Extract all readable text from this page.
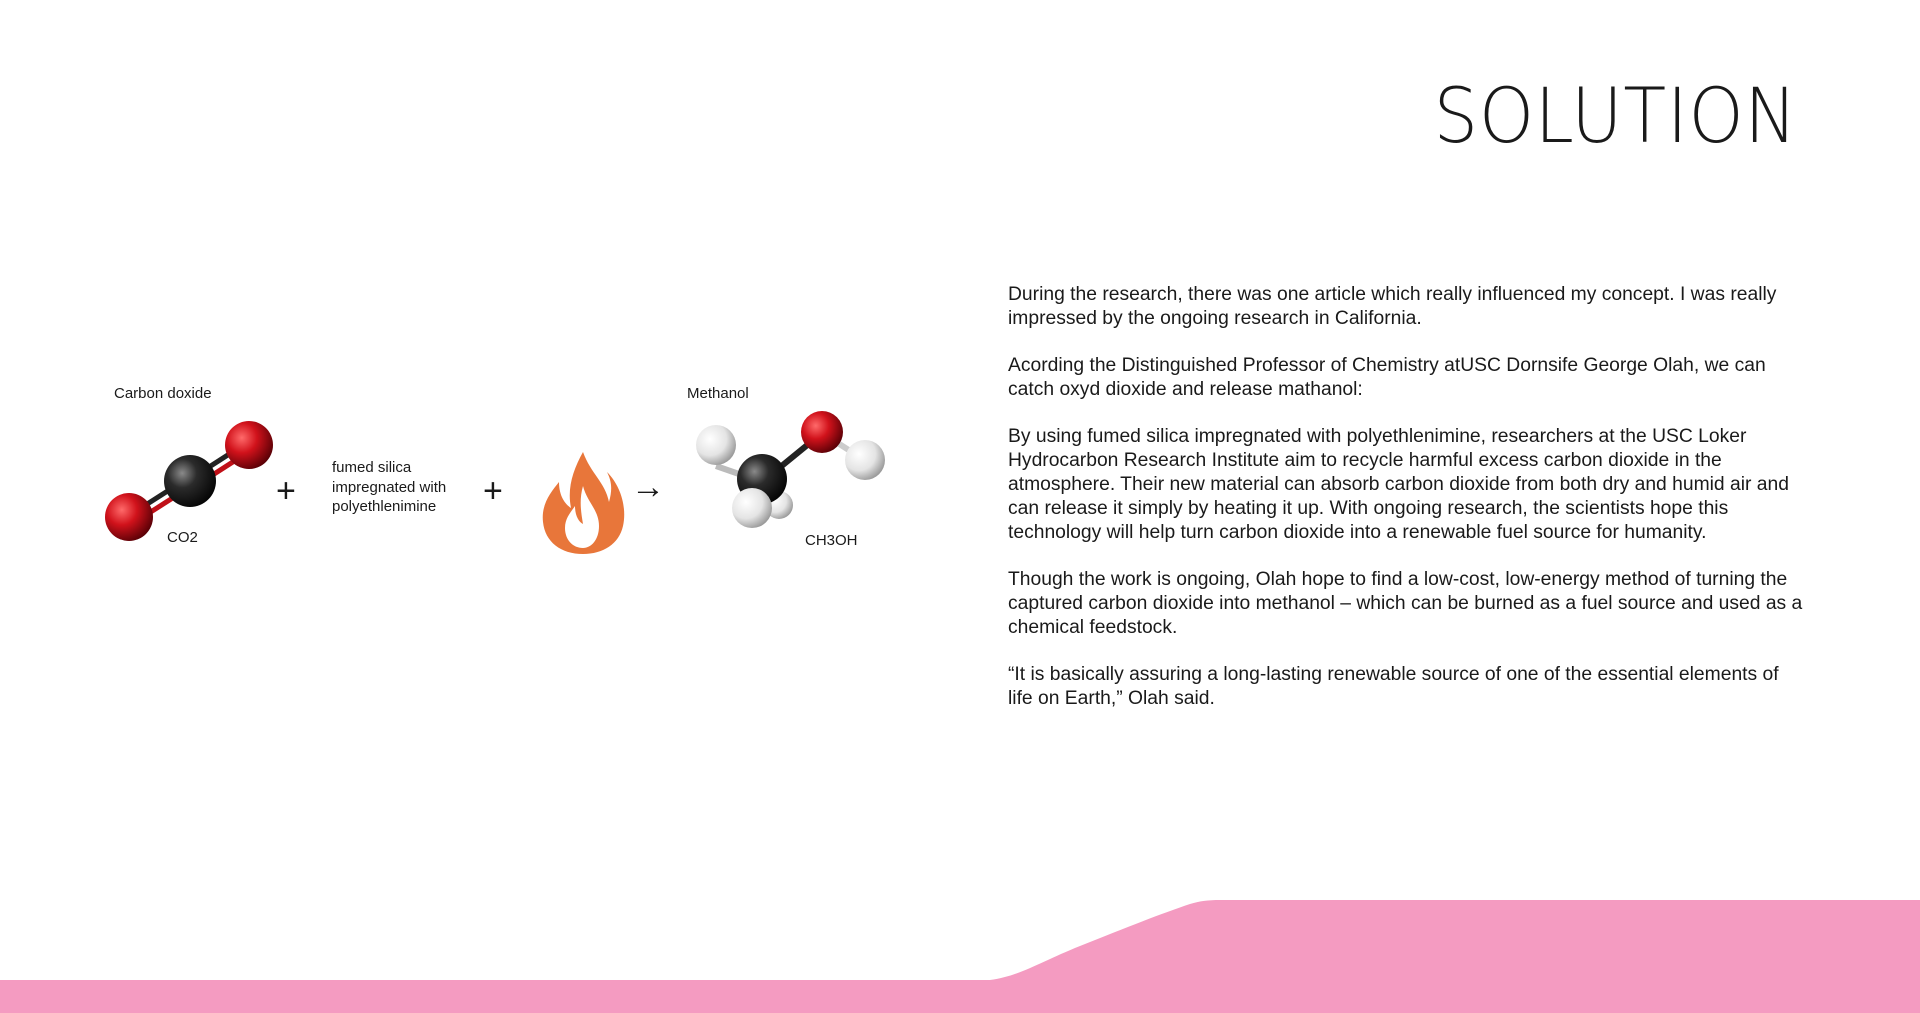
SOLUTION
Carbon doxide
CO2
+
fumed silica
impregnated with
polyethlenimine	+	→
Methanol
CH3OH

During the research, there was one article which really influenced my concept. I was really impressed by the ongoing research in California.

Acording the Distinguished Professor of Chemistry atUSC Dornsife George Olah, we can catch oxyd dioxide and release mathanol:

By using fumed silica impregnated with polyethlenimine, researchers at the USC Loker Hydrocarbon Research Institute aim to recycle harmful excess carbon dioxide in the atmosphere. Their new material can absorb carbon dioxide from both dry and humid air and can release it simply by heating it up. With ongoing research, the scientists hope this technology will help turn carbon dioxide into a renewable fuel source for humanity.

Though the work is ongoing, Olah hope to find a low-cost, low-energy method of turning the captured carbon dioxide into methanol – which can be burned as a fuel source and used as a chemical feedstock.

“It is basically assuring a long-lasting renewable source of one of the essential elements of life on Earth,” Olah said.
